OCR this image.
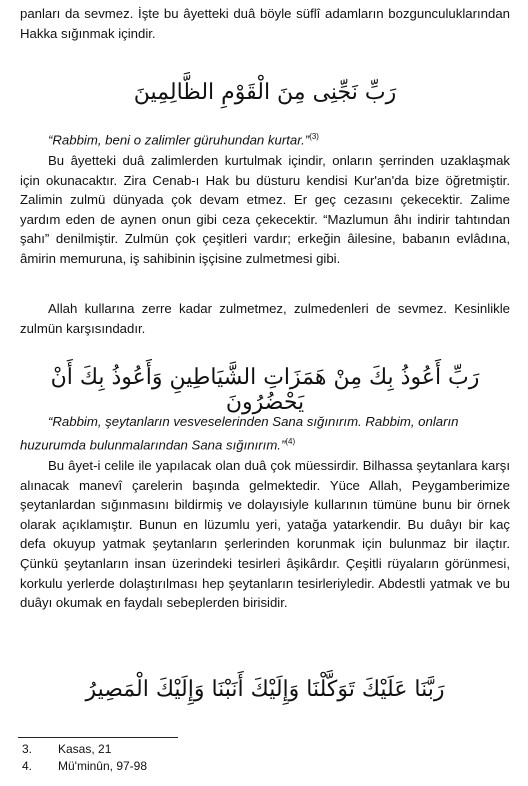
panları da sevmez. İşte bu âyetteki duâ böyle süflî adamların bozgunculuklarından Hakka sığınmak içindir.

رَبِّ نَجِّنِى مِنَ الْقَوْمِ الظَّالِمِينَ

“Rabbim, beni o zalimler güruhundan kurtar.”$^{(3)}$

Bu âyetteki duâ zalimlerden kurtulmak içindir, onların şerrinden uzaklaşmak için okunacaktır. Zira Cenab-ı Hak bu düsturu kendisi Kur'an'da bize öğretmiştir. Zalimin zulmü dünyada çok devam etmez. Er geç cezasını çekecektir. Zalime yardım eden de aynen onun gibi ceza çekecektir. “Mazlumun âhı indirir tahtından şahı” denilmiştir. Zulmün çok çeşitleri vardır; erkeğin âilesine, babanın evlâdına, âmirin memuruna, iş sahibinin işçisine zulmetmesi gibi.

Allah kullarına zerre kadar zulmetmez, zulmedenleri de sevmez. Kesinlikle zulmün karşısındadır.

رَبِّ أَعُوذُ بِكَ مِنْ هَمَزَاتِ الشَّيَاطِينِ وَأَعُوذُ بِكَ أَنْ يَحْضُرُونَ

“Rabbim, şeytanların vesveselerinden Sana sığınırım. Rabbim, onların huzurumda bulunmalarından Sana sığınırım.”$^{(4)}$

Bu âyet-i celile ile yapılacak olan duâ çok müessirdir. Bilhassa şeytanlara karşı alınacak manevî çarelerin başında gelmektedir. Yüce Allah, Peygamberimize şeytanlardan sığınmasını bildirmiş ve dolayısiyle kullarının tümüne bunu bir örnek olarak açıklamıştır. Bunun en lüzumlu yeri, yatağa yatarkendir. Bu duâyı bir kaç defa okuyup yatmak şeytanların şerlerinden korunmak için bulunmaz bir ilaçtır. Çünkü şeytanların insan üzerindeki tesirleri âşikârdır. Çeşitli rüyaların görünmesi, korkulu yerlerde dolaştırılması hep şeytanların tesirleriyledir. Abdestli yatmak ve bu duâyı okumak en faydalı sebeplerden birisidir.

رَبَّنَا عَلَيْكَ تَوَكَّلْنَا وَإِلَيْكَ أَنَبْنَا وَإِلَيْكَ الْمَصِيرُ

3. Kasas, 21
4. Mü'minûn, 97-98
